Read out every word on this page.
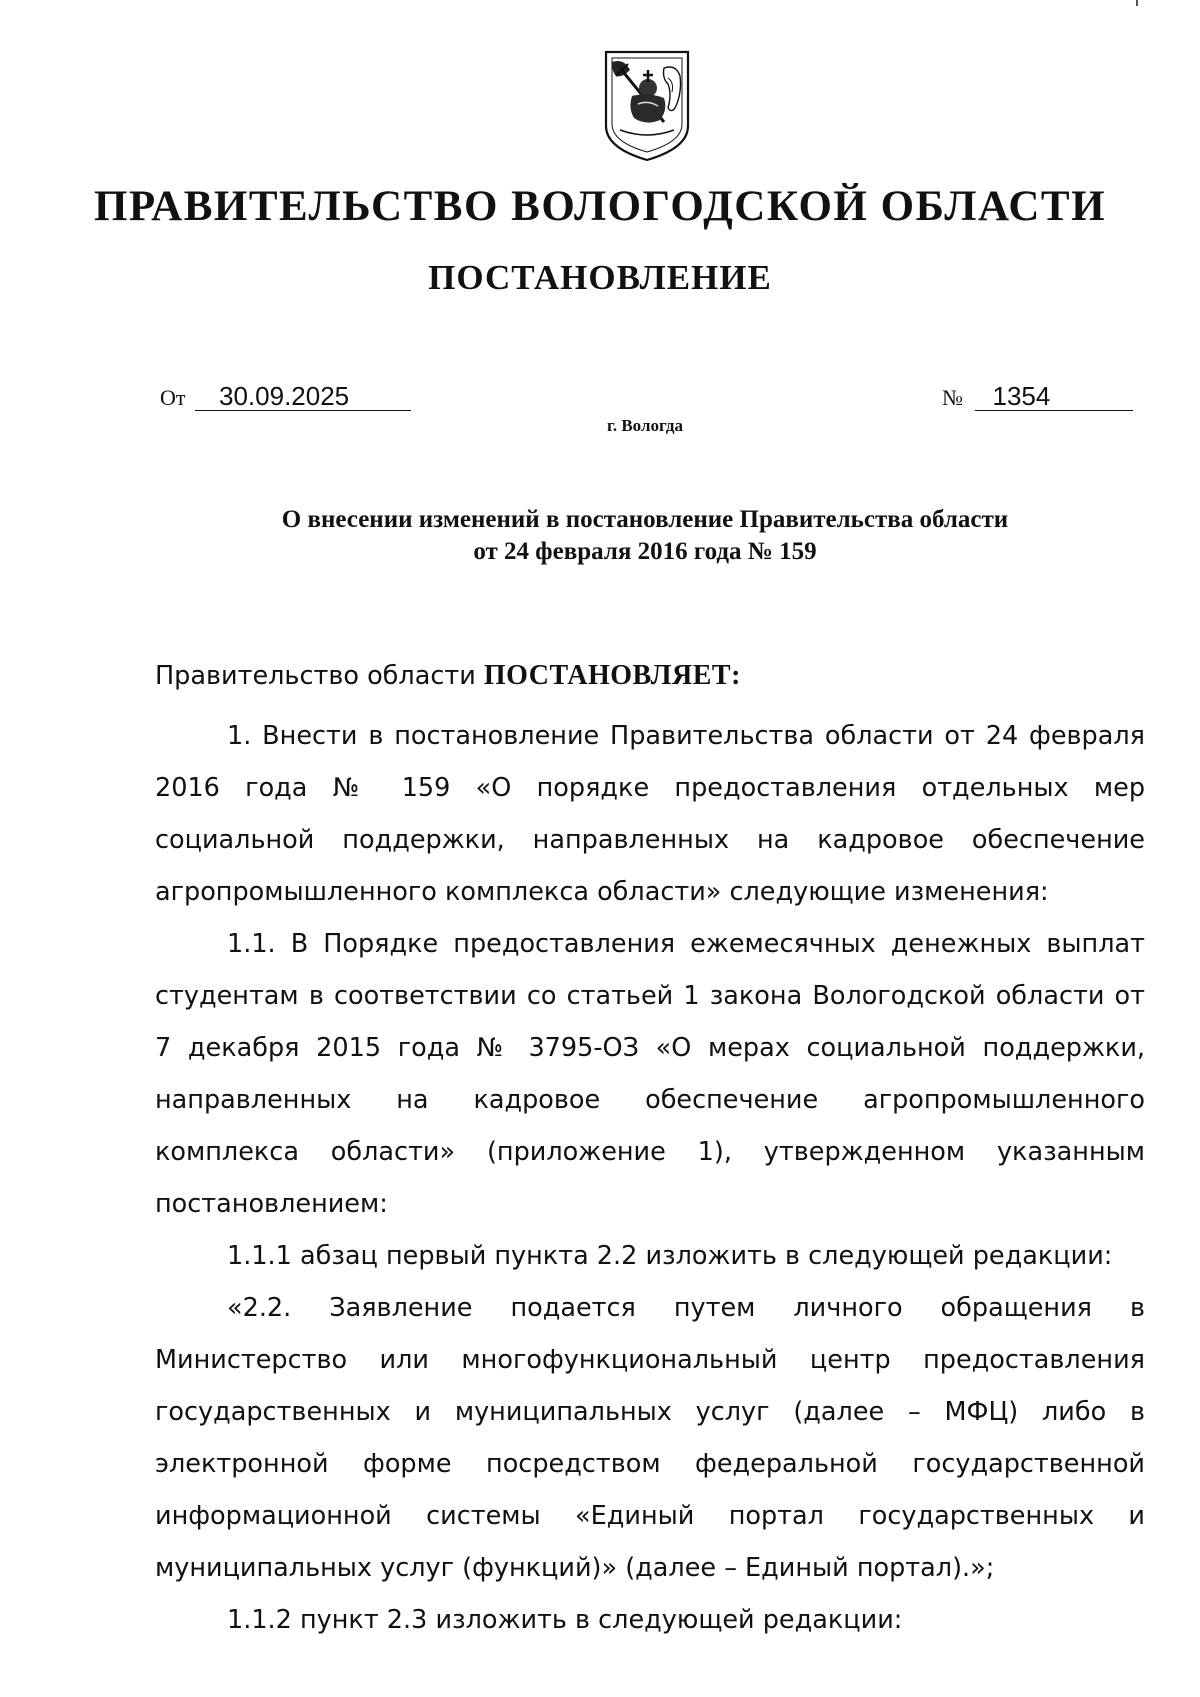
ПРАВИТЕЛЬСТВО ВОЛОГОДСКОЙ ОБЛАСТИ
ПОСТАНОВЛЕНИЕ
От 30.09.2025	№ 1354
г. Вологда
О внесении изменений в постановление Правительства области
от 24 февраля 2016 года № 159

Правительство области ПОСТАНОВЛЯЕТ:

1. Внести в постановление Правительства области от 24 февраля 2016 года № 159 «О порядке предоставления отдельных мер социальной поддержки, направленных на кадровое обеспечение агропромышленного комплекса области» следующие изменения:

1.1. В Порядке предоставления ежемесячных денежных выплат студентам в соответствии со статьей 1 закона Вологодской области от 7 декабря 2015 года № 3795-ОЗ «О мерах социальной поддержки, направленных на кадровое обеспечение агропромышленного комплекса области» (приложение 1), утвержденном указанным постановлением:

1.1.1 абзац первый пункта 2.2 изложить в следующей редакции:

«2.2. Заявление подается путем личного обращения в Министерство или многофункциональный центр предоставления государственных и муниципальных услуг (далее – МФЦ) либо в электронной форме посредством федеральной государственной информационной системы «Единый портал государственных и муниципальных услуг (функций)» (далее – Единый портал).»;

1.1.2 пункт 2.3 изложить в следующей редакции:
